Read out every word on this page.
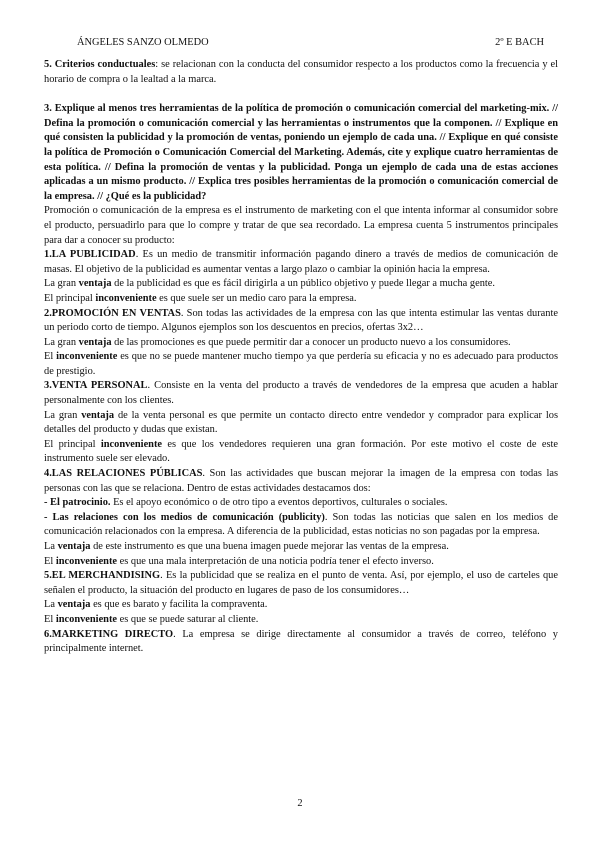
ÁNGELES SANZO OLMEDO	2º E BACH

5. Criterios conductuales: se relacionan con la conducta del consumidor respecto a los productos como la frecuencia y el horario de compra o la lealtad a la marca.

3. Explique al menos tres herramientas de la política de promoción o comunicación comercial del marketing-mix. // Defina la promoción o comunicación comercial y las herramientas o instrumentos que la componen. // Explique en qué consisten la publicidad y la promoción de ventas, poniendo un ejemplo de cada una. // Explique en qué consiste la política de Promoción o Comunicación Comercial del Marketing. Además, cite y explique cuatro herramientas de esta política. // Defina la promoción de ventas y la publicidad. Ponga un ejemplo de cada una de estas acciones aplicadas a un mismo producto. // Explica tres posibles herramientas de la promoción o comunicación comercial de la empresa. // ¿Qué es la publicidad?

Promoción o comunicación de la empresa es el instrumento de marketing con el que intenta informar al consumidor sobre el producto, persuadirlo para que lo compre y tratar de que sea recordado. La empresa cuenta 5 instrumentos principales para dar a conocer su producto:

1.LA PUBLICIDAD. Es un medio de transmitir información pagando dinero a través de medios de comunicación de masas. El objetivo de la publicidad es aumentar ventas a largo plazo o cambiar la opinión hacia la empresa.

La gran ventaja de la publicidad es que es fácil dirigirla a un público objetivo y puede llegar a mucha gente.

El principal inconveniente es que suele ser un medio caro para la empresa.

2.PROMOCIÓN EN VENTAS. Son todas las actividades de la empresa con las que intenta estimular las ventas durante un periodo corto de tiempo. Algunos ejemplos son los descuentos en precios, ofertas 3x2…

La gran ventaja de las promociones es que puede permitir dar a conocer un producto nuevo a los consumidores.

El inconveniente es que no se puede mantener mucho tiempo ya que perdería su eficacia y no es adecuado para productos de prestigio.

3.VENTA PERSONAL. Consiste en la venta del producto a través de vendedores de la empresa que acuden a hablar personalmente con los clientes.

La gran ventaja de la venta personal es que permite un contacto directo entre vendedor y comprador para explicar los detalles del producto y dudas que existan.

El principal inconveniente es que los vendedores requieren una gran formación. Por este motivo el coste de este instrumento suele ser elevado.

4.LAS RELACIONES PÚBLICAS. Son las actividades que buscan mejorar la imagen de la empresa con todas las personas con las que se relaciona. Dentro de estas actividades destacamos dos:

- El patrocinio. Es el apoyo económico o de otro tipo a eventos deportivos, culturales o sociales.

- Las relaciones con los medios de comunicación (publicity). Son todas las noticias que salen en los medios de comunicación relacionados con la empresa. A diferencia de la publicidad, estas noticias no son pagadas por la empresa.

La ventaja de este instrumento es que una buena imagen puede mejorar las ventas de la empresa.

El inconveniente es que una mala interpretación de una noticia podría tener el efecto inverso.

5.EL MERCHANDISING. Es la publicidad que se realiza en el punto de venta. Así, por ejemplo, el uso de carteles que señalen el producto, la situación del producto en lugares de paso de los consumidores…

La ventaja es que es barato y facilita la compraventa.

El inconveniente es que se puede saturar al cliente.

6.MARKETING DIRECTO. La empresa se dirige directamente al consumidor a través de correo, teléfono y principalmente internet.

2
